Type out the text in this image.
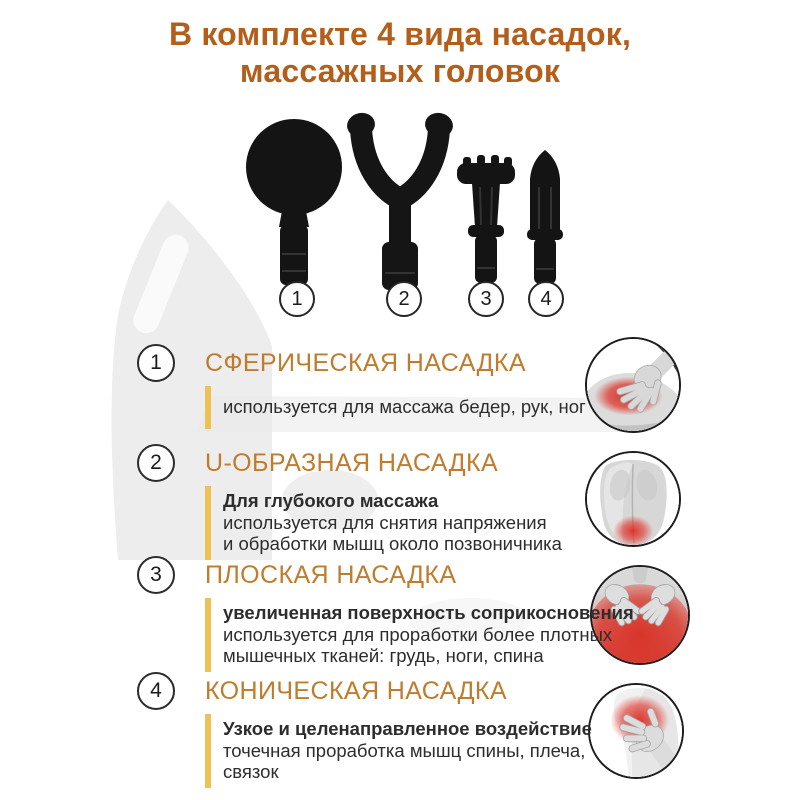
В комплекте 4 вида насадок,
массажных головок
1	2	3 4
1 СФЕРИЧЕСКАЯ НАСАДКА
используется для массажа бедер, рук, ног
2 U-ОБРАЗНАЯ НАСАДКА
Для глубокого массажа
используется для снятия напряжения
и обработки мышц около позвоничника
3 ПЛОСКАЯ НАСАДКА
увеличенная поверхность соприкосновения
используется для проработки более плотных
мышечных тканей: грудь, ноги, спина
4 КОНИЧЕСКАЯ НАСАДКА
Узкое и целенаправленное воздействие
точечная проработка мышц спины, плеча,
связок
